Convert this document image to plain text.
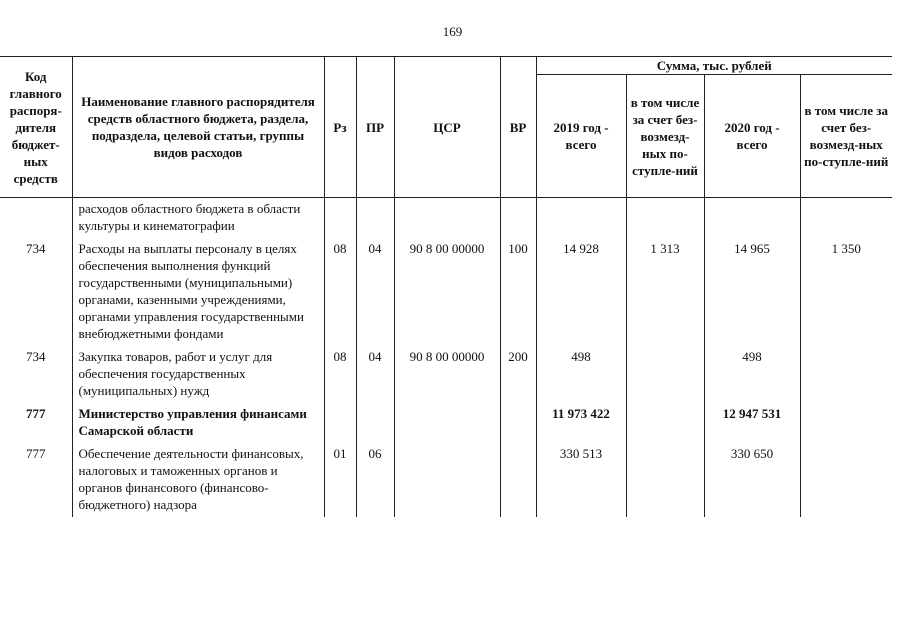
169
Код главного распоря-дителя бюджет-ных средств	Наименование главного распорядителя средств областного бюджета, раздела, подраздела, целевой статьи, группы видов расходов	Рз	ПР	ЦСР	ВР	Сумма, тыс. рублей			
						2019 год - всего	в том числе за счет без-возмезд-ных по-ступле-ний	2020 год - всего	в том числе за счет без-возмезд-ных по-ступле-ний
	расходов областного бюджета в области культуры и кинематографии								
734	Расходы на выплаты персоналу в целях обеспечения выполнения функций государственными (муниципальными) органами, казенными учреждениями, органами управления государственными внебюджетными фондами	08	04	90 8 00 00000	100	14 928	1 313	14 965	1 350
734	Закупка товаров, работ и услуг для обеспечения государственных (муниципальных) нужд	08	04	90 8 00 00000	200	498		498	
777	Министерство управления финансами Самарской области					11 973 422		12 947 531	
777	Обеспечение деятельности финансовых, налоговых и таможенных органов и органов финансового (финансово-бюджетного) надзора	01	06			330 513		330 650	
